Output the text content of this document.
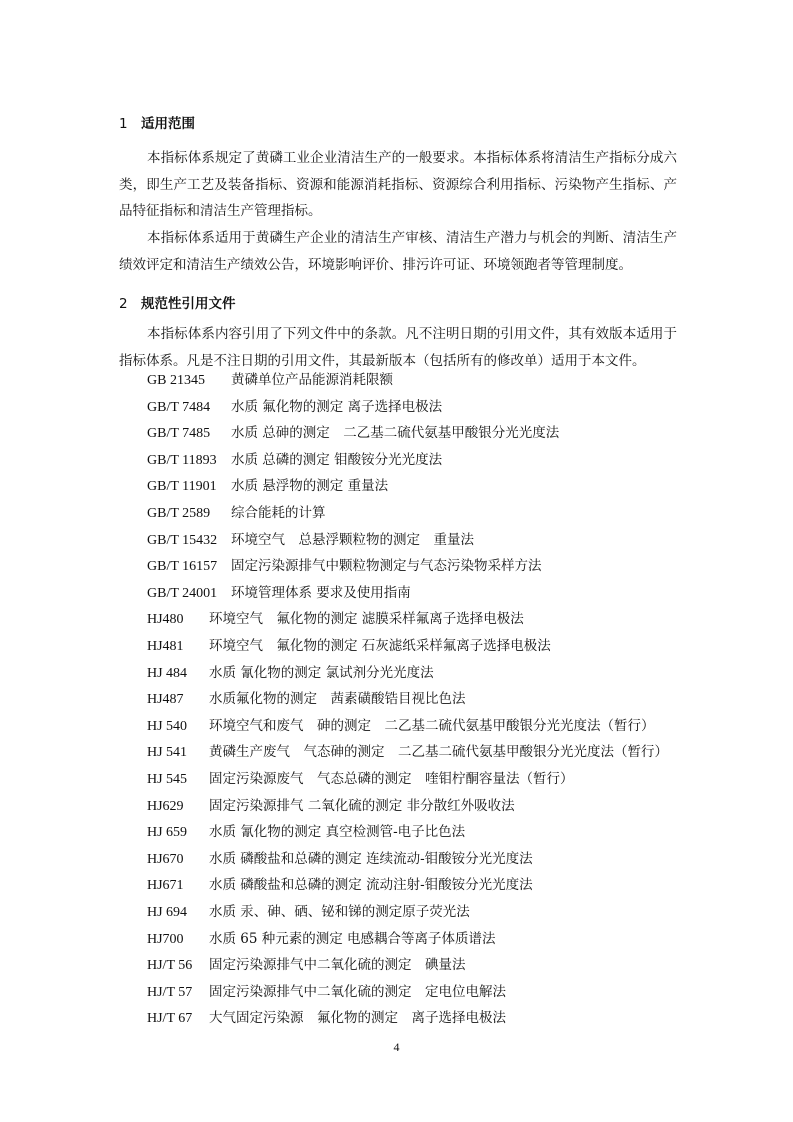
1 适用范围
本指标体系规定了黄磷工业企业清洁生产的一般要求。本指标体系将清洁生产指标分成六类，即生产工艺及装备指标、资源和能源消耗指标、资源综合利用指标、污染物产生指标、产品特征指标和清洁生产管理指标。
本指标体系适用于黄磷生产企业的清洁生产审核、清洁生产潜力与机会的判断、清洁生产绩效评定和清洁生产绩效公告，环境影响评价、排污许可证、环境领跑者等管理制度。
2 规范性引用文件
本指标体系内容引用了下列文件中的条款。凡不注明日期的引用文件，其有效版本适用于指标体系。凡是不注日期的引用文件，其最新版本（包括所有的修改单）适用于本文件。
GB 21345 黄磷单位产品能源消耗限额
GB/T 7484 水质 氟化物的测定 离子选择电极法
GB/T 7485 水质 总砷的测定　二乙基二硫代氨基甲酸银分光光度法
GB/T 11893 水质 总磷的测定 钼酸铵分光光度法
GB/T 11901 水质 悬浮物的测定 重量法
GB/T 2589 综合能耗的计算
GB/T 15432 环境空气　总悬浮颗粒物的测定　重量法
GB/T 16157 固定污染源排气中颗粒物测定与气态污染物采样方法
GB/T 24001 环境管理体系 要求及使用指南
HJ480 环境空气　氟化物的测定 滤膜采样氟离子选择电极法
HJ481 环境空气　氟化物的测定 石灰滤纸采样氟离子选择电极法
HJ 484 水质 氰化物的测定 氯试剂分光光度法
HJ487 水质氟化物的测定　茜素磺酸锆目视比色法
HJ 540 环境空气和废气　砷的测定　二乙基二硫代氨基甲酸银分光光度法（暂行）
HJ 541 黄磷生产废气　气态砷的测定　二乙基二硫代氨基甲酸银分光光度法（暂行）
HJ 545 固定污染源废气　气态总磷的测定　喹钼柠酮容量法（暂行）
HJ629 固定污染源排气 二氧化硫的测定 非分散红外吸收法
HJ 659 水质 氰化物的测定 真空检测管-电子比色法
HJ670 水质 磷酸盐和总磷的测定 连续流动-钼酸铵分光光度法
HJ671 水质 磷酸盐和总磷的测定 流动注射-钼酸铵分光光度法
HJ 694 水质 汞、砷、硒、铋和锑的测定原子荧光法
HJ700 水质 65 种元素的测定 电感耦合等离子体质谱法
HJ/T 56 固定污染源排气中二氧化硫的测定　碘量法
HJ/T 57 固定污染源排气中二氧化硫的测定　定电位电解法
HJ/T 67 大气固定污染源　氟化物的测定　离子选择电极法
4
